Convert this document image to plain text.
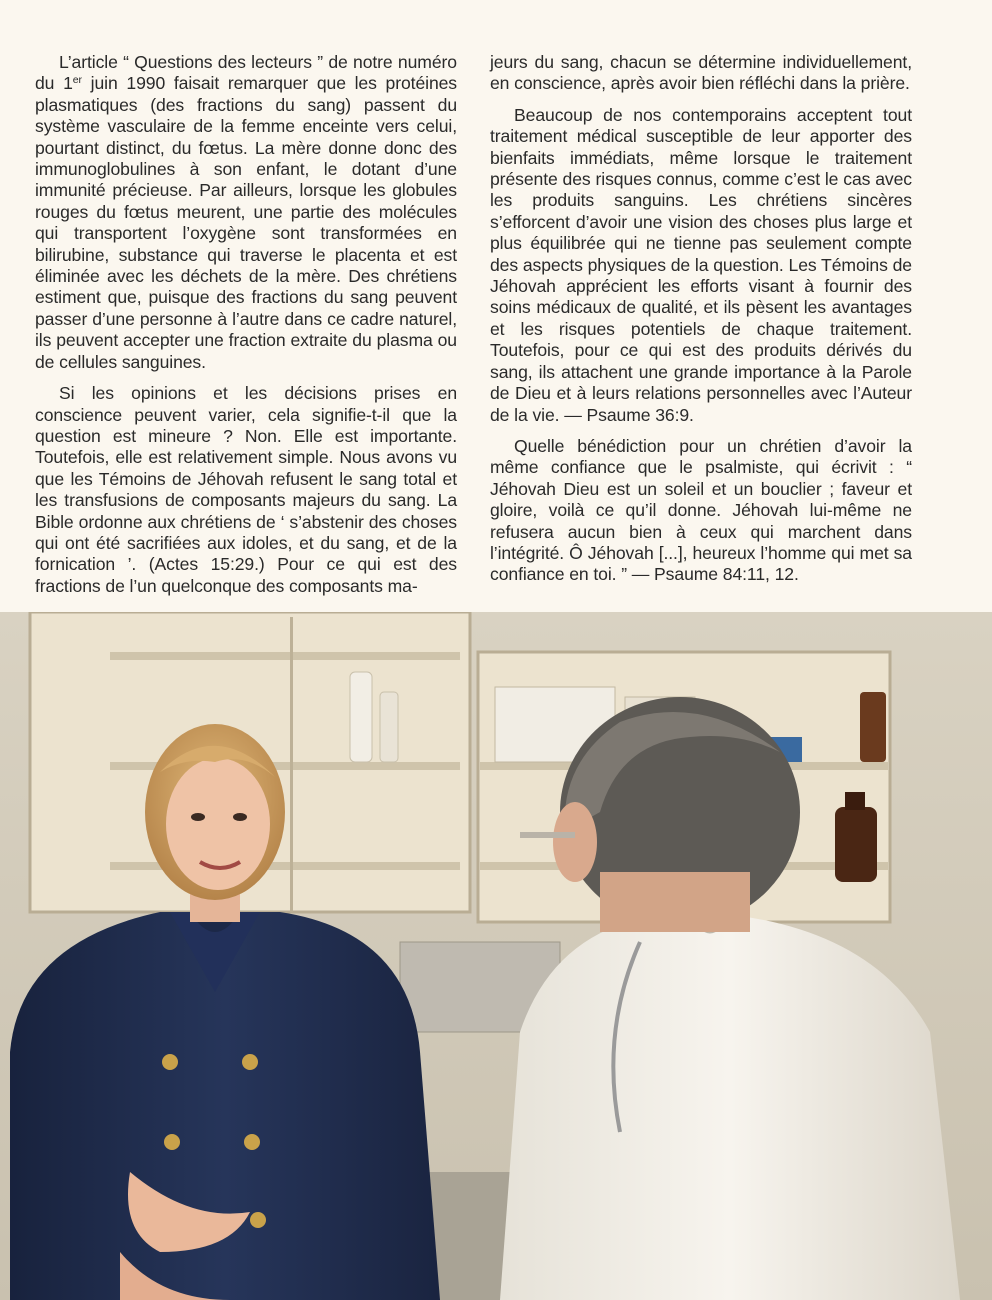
L’article “ Questions des lecteurs ” de notre numéro du 1er juin 1990 faisait remarquer que les protéines plasmatiques (des fractions du sang) passent du système vasculaire de la femme enceinte vers celui, pourtant distinct, du fœtus. La mère donne donc des immunoglobulines à son enfant, le dotant d’une immunité précieuse. Par ailleurs, lorsque les globules rouges du fœtus meurent, une partie des molécules qui transportent l’oxygène sont transformées en bilirubine, substance qui traverse le placenta et est éliminée avec les déchets de la mère. Des chrétiens estiment que, puisque des fractions du sang peuvent passer d’une personne à l’autre dans ce cadre naturel, ils peuvent accepter une fraction extraite du plasma ou de cellules sanguines.

Si les opinions et les décisions prises en conscience peuvent varier, cela signifie-t-il que la question est mineure ? Non. Elle est importante. Toutefois, elle est relativement simple. Nous avons vu que les Témoins de Jéhovah refusent le sang total et les transfusions de composants majeurs du sang. La Bible ordonne aux chrétiens de ‘ s’abstenir des choses qui ont été sacrifiées aux idoles, et du sang, et de la fornication ’. (Actes 15:29.) Pour ce qui est des fractions de l’un quelconque des composants ma-

jeurs du sang, chacun se détermine individuellement, en conscience, après avoir bien réfléchi dans la prière.

Beaucoup de nos contemporains acceptent tout traitement médical susceptible de leur apporter des bienfaits immédiats, même lorsque le traitement présente des risques connus, comme c’est le cas avec les produits sanguins. Les chrétiens sincères s’efforcent d’avoir une vision des choses plus large et plus équilibrée qui ne tienne pas seulement compte des aspects physiques de la question. Les Témoins de Jéhovah apprécient les efforts visant à fournir des soins médicaux de qualité, et ils pèsent les avantages et les risques potentiels de chaque traitement. Toutefois, pour ce qui est des produits dérivés du sang, ils attachent une grande importance à la Parole de Dieu et à leurs relations personnelles avec l’Auteur de la vie. — Psaume 36:9.

Quelle bénédiction pour un chrétien d’avoir la même confiance que le psalmiste, qui écrivit : “ Jéhovah Dieu est un soleil et un bouclier ; faveur et gloire, voilà ce qu’il donne. Jéhovah lui-même ne refusera aucun bien à ceux qui marchent dans l’intégrité. Ô Jéhovah [...], heureux l’homme qui met sa confiance en toi. ” — Psaume 84:11, 12.
